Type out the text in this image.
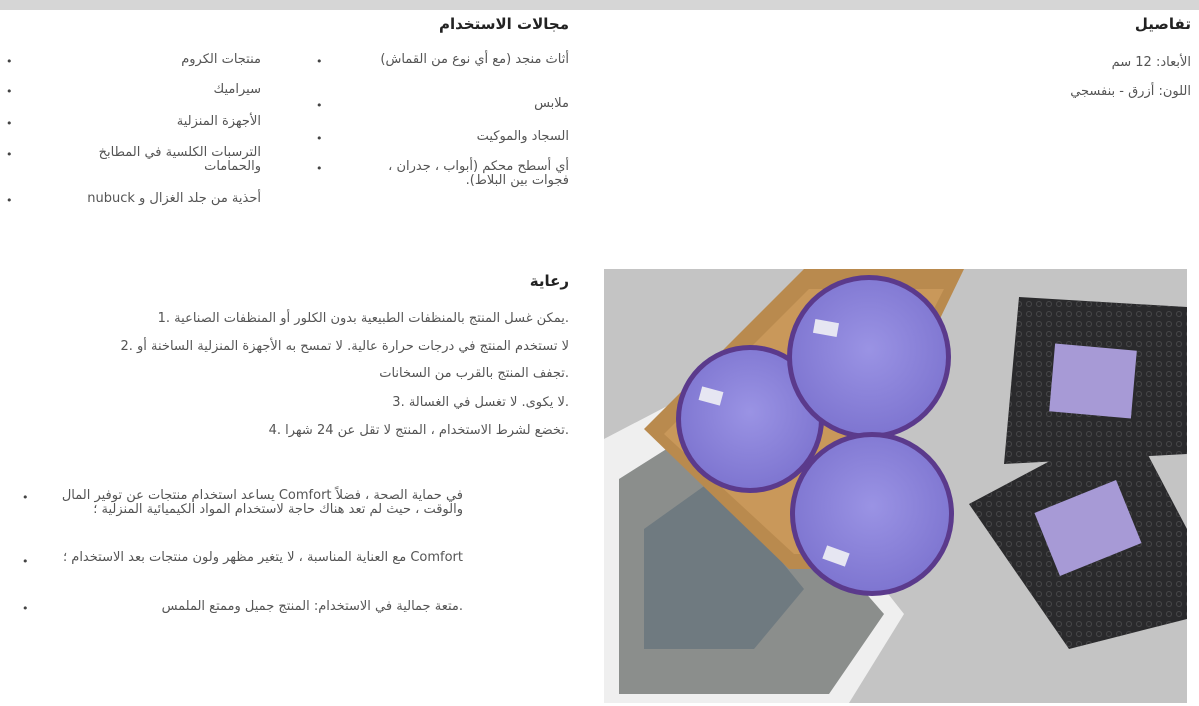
تفاصيل
الأبعاد: 12 سم
اللون: أزرق - بنفسجي
مجالات الاستخدام
أثاث منجد (مع أي نوع من القماش)
•
ملابس
•
السجاد والموكيت
•
أي أسطح محكم (أبواب ، جدران ، فجوات بين البلاط).
•
منتجات الكروم
•
سيراميك
•
الأجهزة المنزلية
•
الترسبات الكلسية في المطابخ والحمامات
•
أحذية من جلد الغزال و nubuck
•
رعاية
.يمكن غسل المنتج بالمنظفات الطبيعية بدون الكلور أو المنظفات الصناعية .1
لا تستخدم المنتج في درجات حرارة عالية. لا تمسح به الأجهزة المنزلية الساخنة أو .2
.تجفف المنتج بالقرب من السخانات
.لا يكوى. لا تغسل في الغسالة .3
.تخضع لشرط الاستخدام ، المنتج لا تقل عن 24 شهرا .4
في حماية الصحة ، فضلاً Comfort يساعد استخدام منتجات عن توفير المال والوقت ، حيث لم تعد هناك حاجة لاستخدام المواد الكيميائية المنزلية ؛
•
Comfort مع العناية المناسبة ، لا يتغير مظهر ولون منتجات بعد الاستخدام ؛
•
.متعة جمالية في الاستخدام: المنتج جميل وممتع الملمس
•
